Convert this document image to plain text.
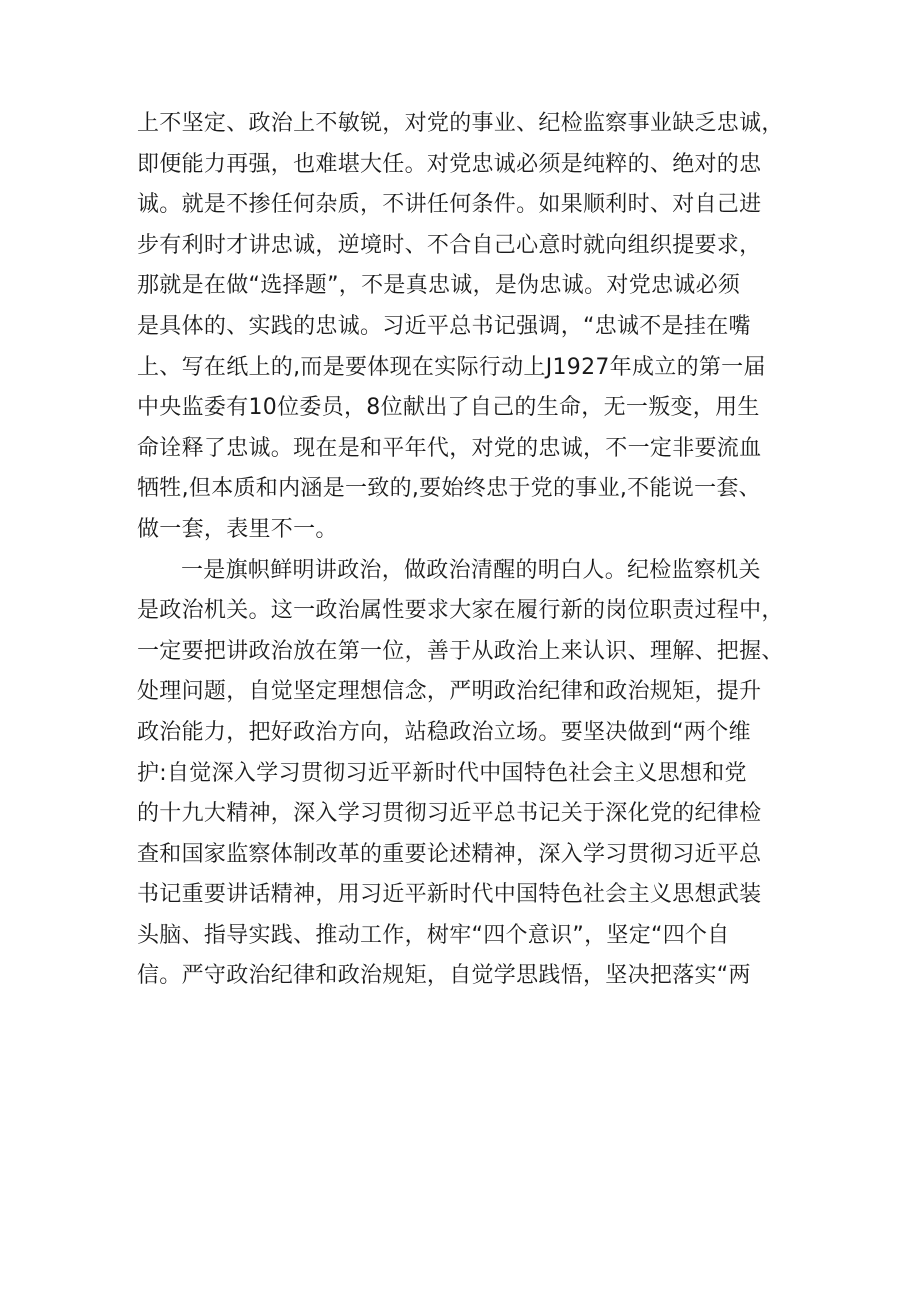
上不坚定、政治上不敏锐，对党的事业、纪检监察事业缺乏忠诚，
即便能力再强，也难堪大任。对党忠诚必须是纯粹的、绝对的忠
诚。就是不掺任何杂质，不讲任何条件。如果顺利时、对自己进
步有利时才讲忠诚，逆境时、不合自己心意时就向组织提要求，
那就是在做“选择题”，不是真忠诚，是伪忠诚。对党忠诚必须
是具体的、实践的忠诚。习近平总书记强调，“忠诚不是挂在嘴
上、写在纸上的,而是要体现在实际行动上J1927年成立的第一届
中央监委有10位委员，8位献出了自己的生命，无一叛变，用生
命诠释了忠诚。现在是和平年代，对党的忠诚，不一定非要流血
牺牲,但本质和内涵是一致的,要始终忠于党的事业,不能说一套、
做一套，表里不一。
一是旗帜鲜明讲政治，做政治清醒的明白人。纪检监察机关
是政治机关。这一政治属性要求大家在履行新的岗位职责过程中，
一定要把讲政治放在第一位，善于从政治上来认识、理解、把握、
处理问题，自觉坚定理想信念，严明政治纪律和政治规矩，提升
政治能力，把好政治方向，站稳政治立场。要坚决做到“两个维
护:自觉深入学习贯彻习近平新时代中国特色社会主义思想和党
的十九大精神，深入学习贯彻习近平总书记关于深化党的纪律检
查和国家监察体制改革的重要论述精神，深入学习贯彻习近平总
书记重要讲话精神，用习近平新时代中国特色社会主义思想武装
头脑、指导实践、推动工作，树牢“四个意识”，坚定“四个自
信。严守政治纪律和政治规矩，自觉学思践悟，坚决把落实“两
